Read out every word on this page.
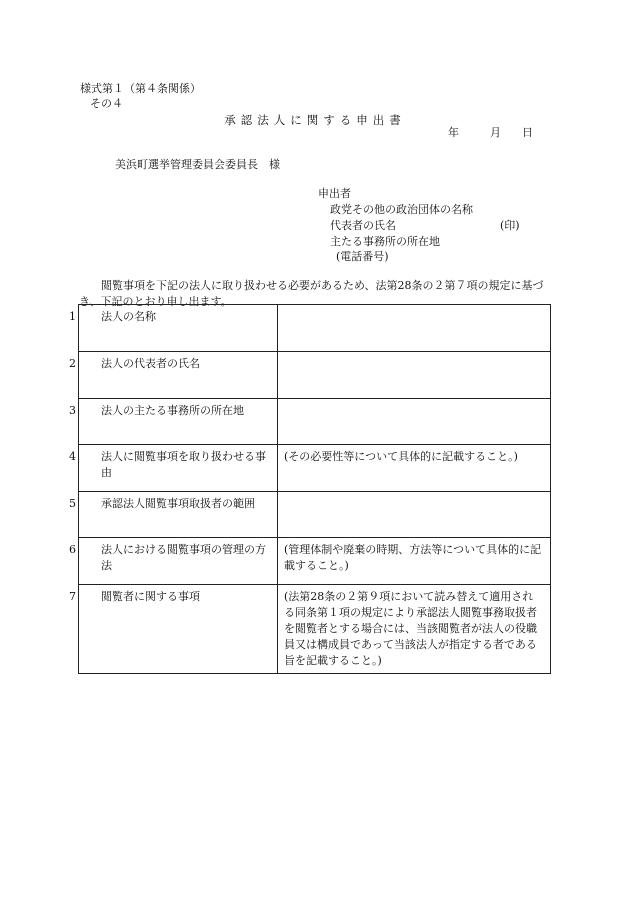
様式第１（第４条関係）
その４
承認法人に関する申出書
年	月 日
美浜町選挙管理委員会委員長　様
申出者
政党その他の政治団体の名称
代表者の氏名	(印)
主たる事務所の所在地
(電話番号)
閲覧事項を下記の法人に取り扱わせる必要があるため、法第28条の２第７項の規定に基づき、下記のとおり申し出ます。
1 法人の名称	

2 法人の代表者の氏名	

3 法人の主たる事務所の所在地	

4 法人に閲覧事項を取り扱わせる事由	(その必要性等について具体的に記載すること。)

5 承認法人閲覧事項取扱者の範囲	

6 法人における閲覧事項の管理の方法	(管理体制や廃棄の時期、方法等について具体的に記載すること。)

7 閲覧者に関する事項	(法第28条の２第９項において読み替えて適用される同条第１項の規定により承認法人閲覧事務取扱者を閲覧者とする場合には、当該閲覧者が法人の役職員又は構成員であって当該法人が指定する者である旨を記載すること。)
